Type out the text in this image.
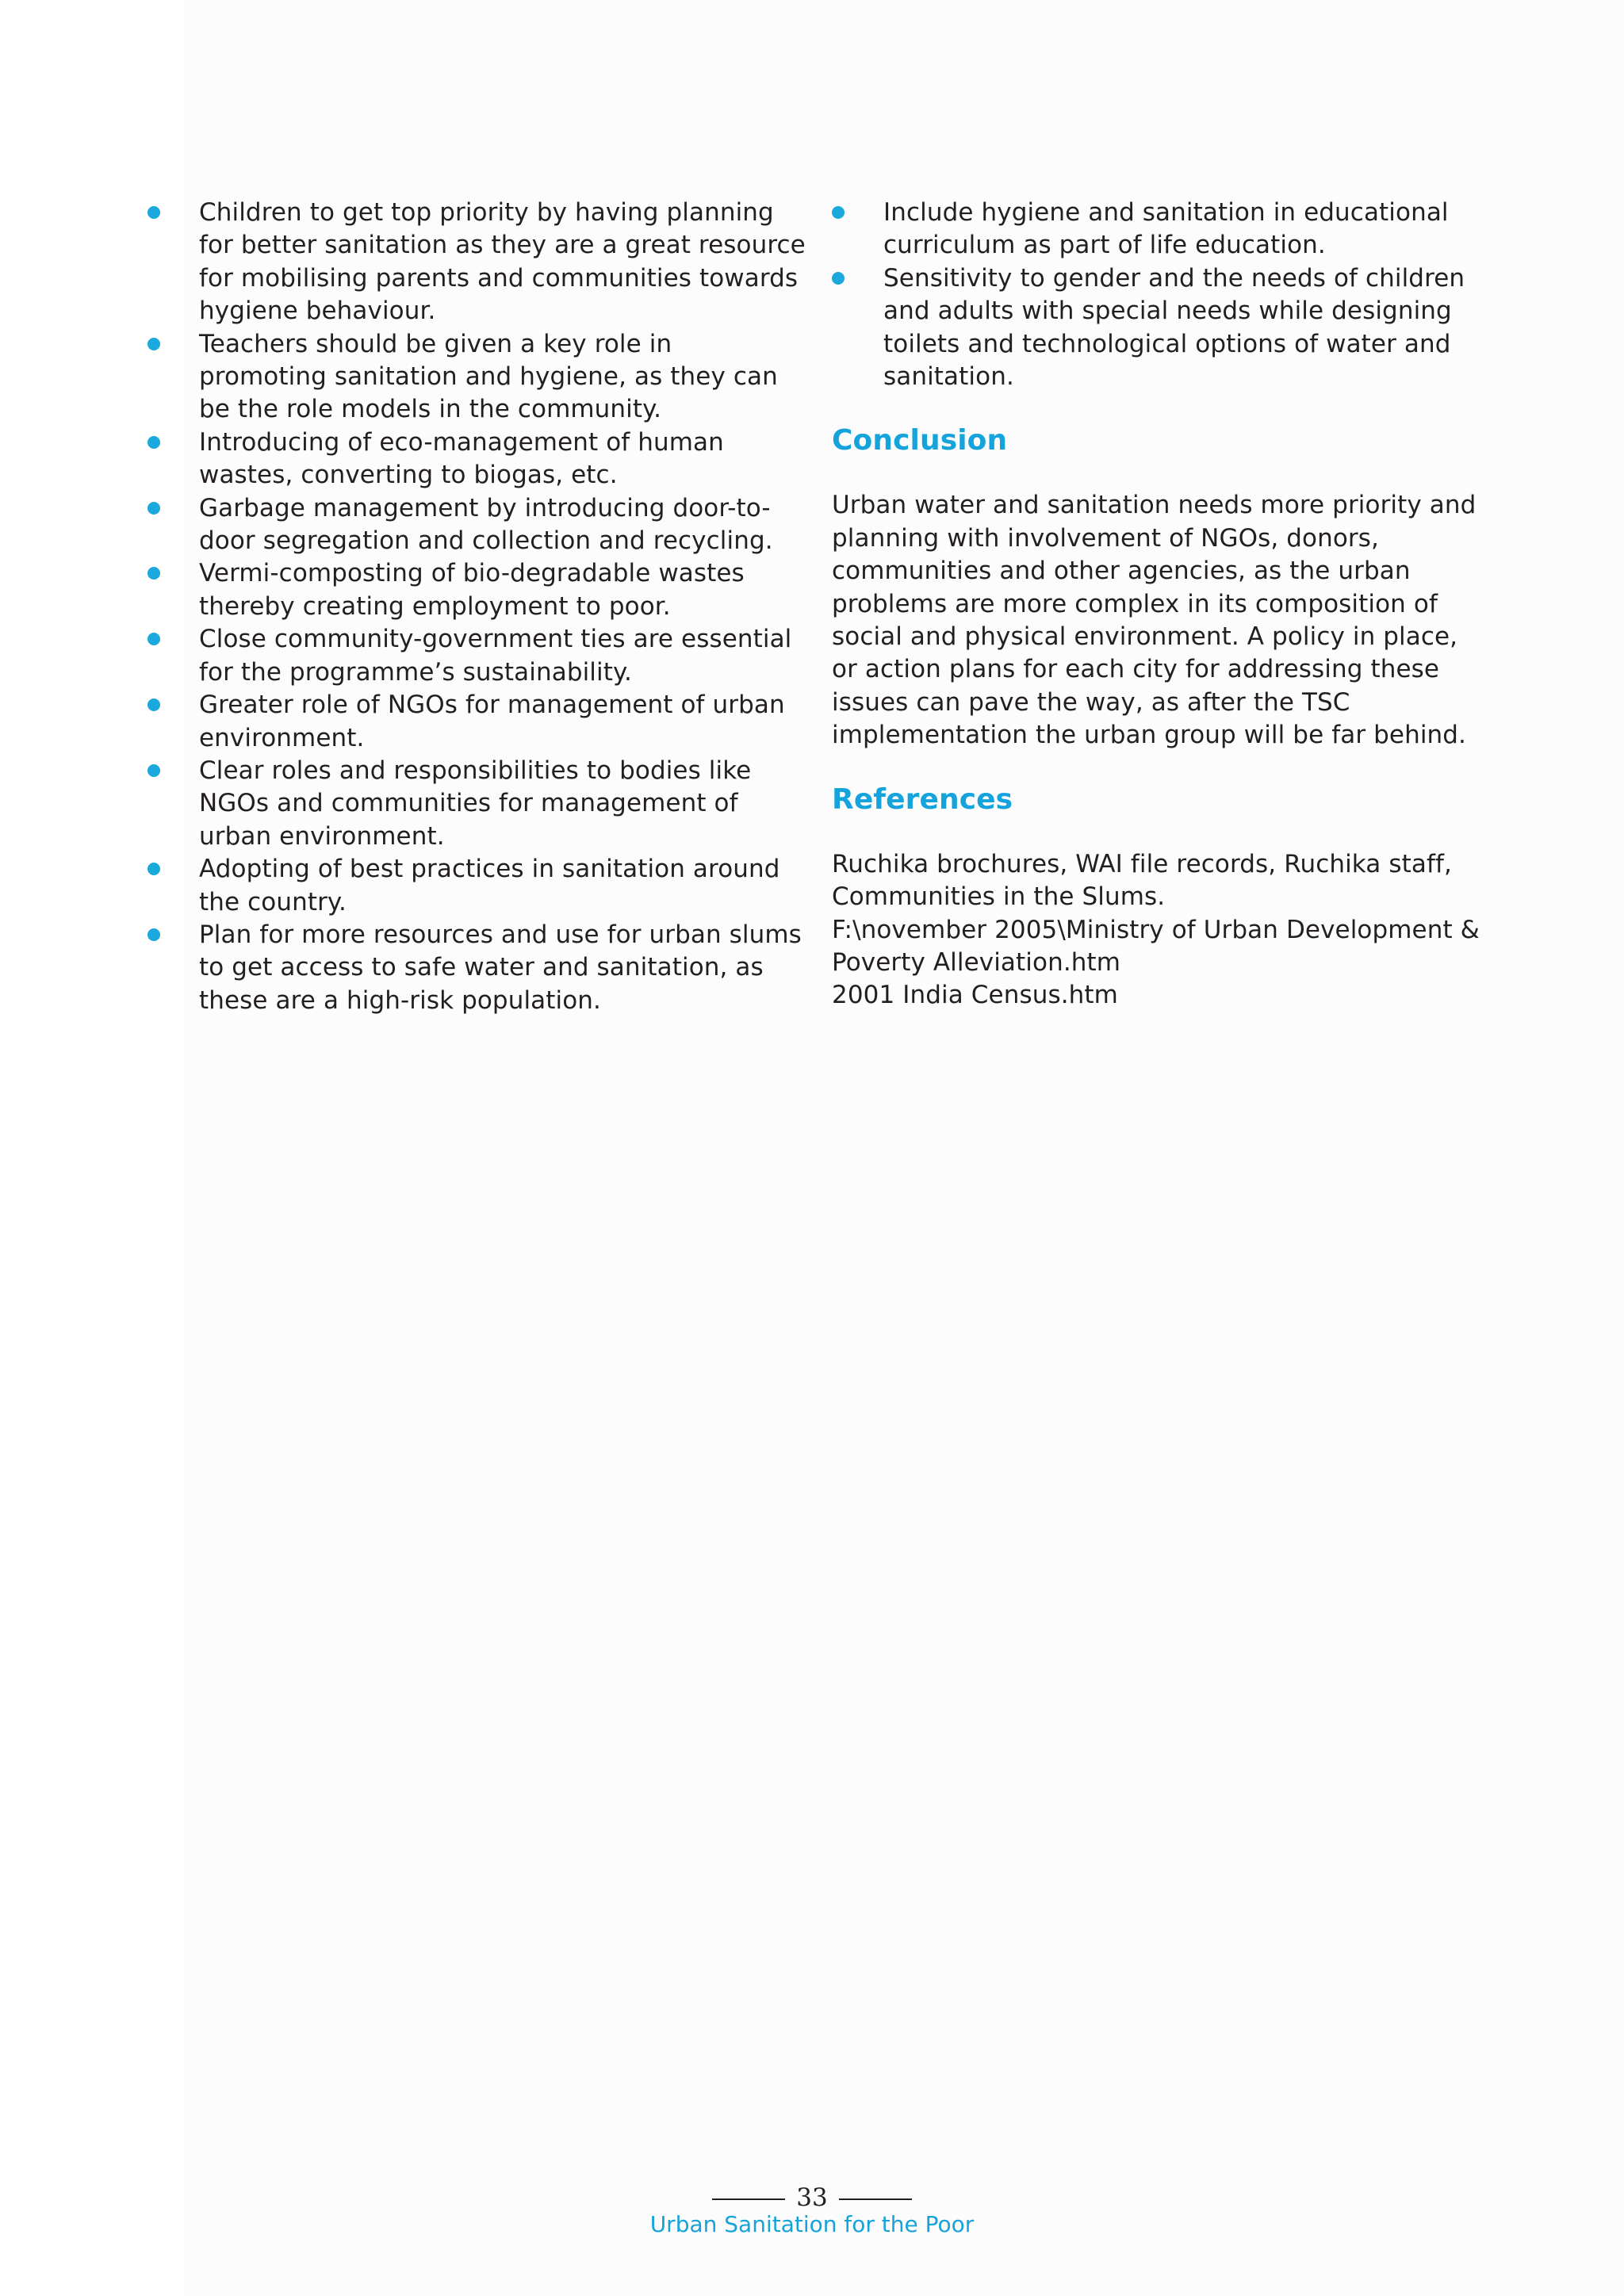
Children to get top priority by having planning for better sanitation as they are a great resource for mobilising parents and communities towards hygiene behaviour.
Teachers should be given a key role in promoting sanitation and hygiene, as they can be the role models in the community.
Introducing of eco-management of human wastes, converting to biogas, etc.
Garbage management by introducing door-to-door segregation and collection and recycling.
Vermi-composting of bio-degradable wastes thereby creating employment to poor.
Close community-government ties are essential for the programme’s sustainability.
Greater role of NGOs for management of urban environment.
Clear roles and responsibilities to bodies like NGOs and communities for management of urban environment.
Adopting of best practices in sanitation around the country.
Plan for more resources and use for urban slums to get access to safe water and sanitation, as these are a high-risk population.
Include hygiene and sanitation in educational curriculum as part of life education.
Sensitivity to gender and the needs of children and adults with special needs while designing toilets and technological options of water and sanitation.
Conclusion

Urban water and sanitation needs more priority and planning with involvement of NGOs, donors, communities and other agencies, as the urban problems are more complex in its composition of social and physical environment. A policy in place, or action plans for each city for addressing these issues can pave the way, as after the TSC implementation the urban group will be far behind.

References
Ruchika brochures, WAI file records, Ruchika staff, Communities in the Slums.
F:\november 2005\Ministry of Urban Development & Poverty Alleviation.htm
2001 India Census.htm
33
Urban Sanitation for the Poor
